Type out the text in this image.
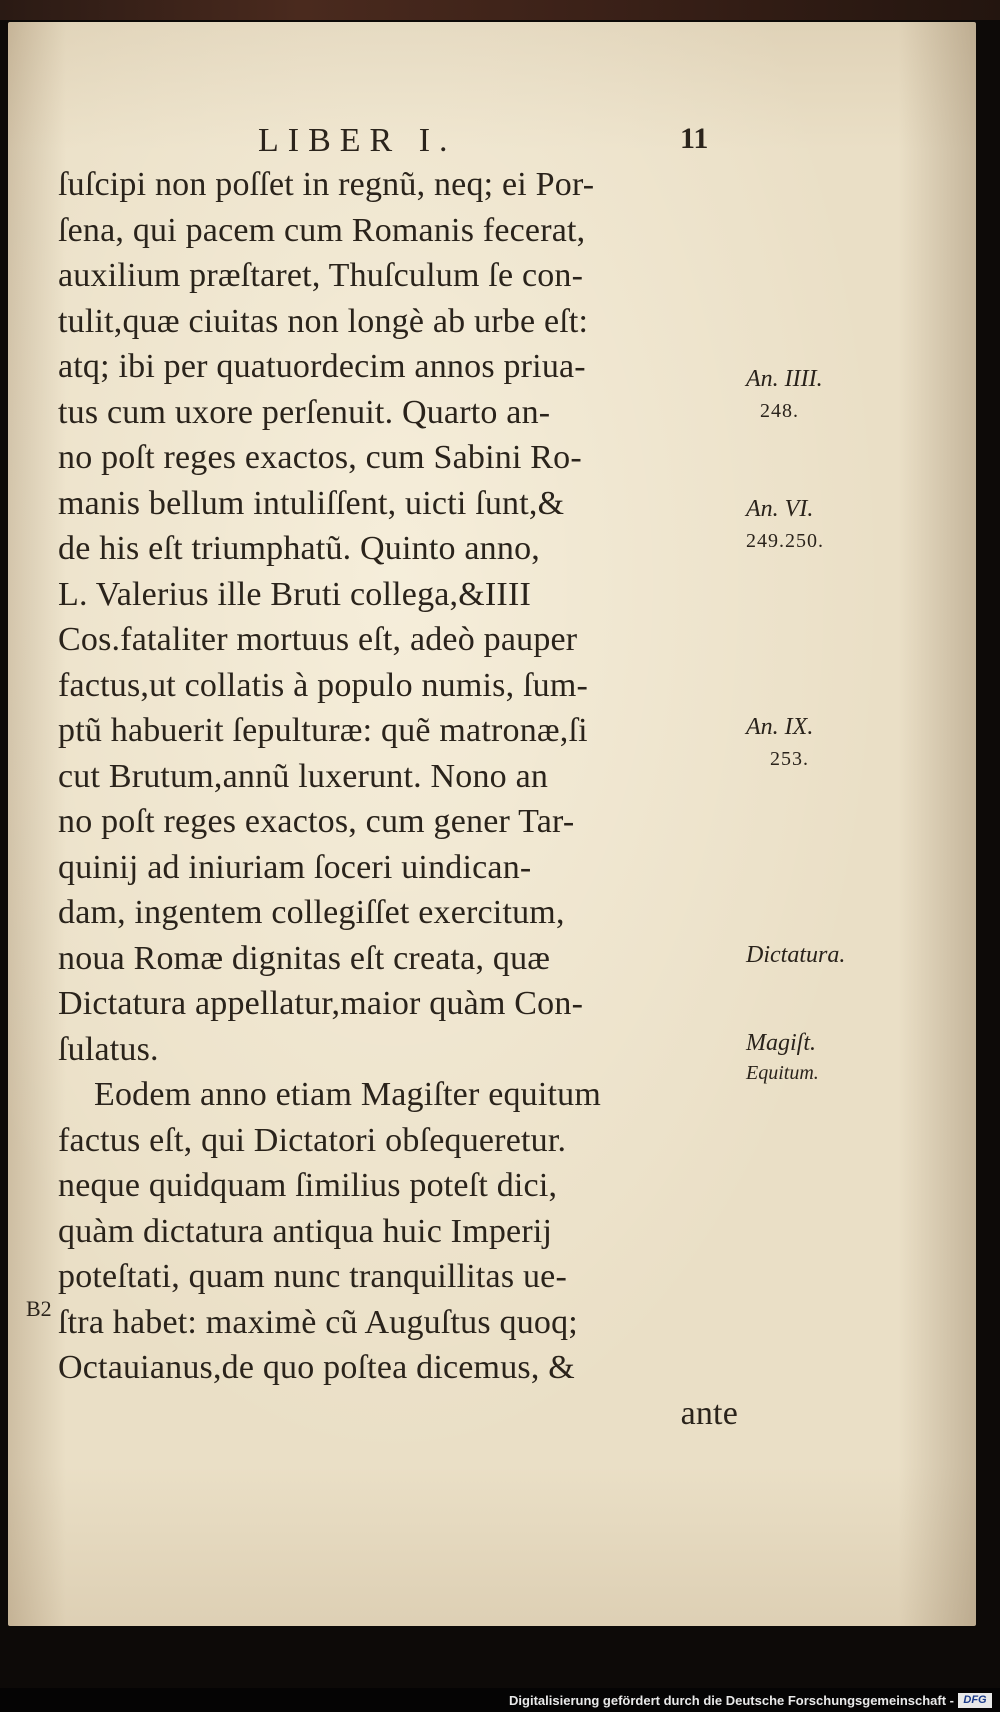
LIBER I.	11
ſuſcipi non poſſet in regnũ, neq; ei Por-
ſena, qui pacem cum Romanis fecerat,
auxilium præſtaret, Thuſculum ſe con-
tulit,quæ ciuitas non longè ab urbe eſt:
atq; ibi per quatuordecim annos priua-
tus cum uxore perſenuit. Quarto an-
no poſt reges exactos, cum Sabini Ro-
manis bellum intuliſſent, uicti ſunt,&
de his eſt triumphatũ. Quinto anno,
L. Valerius ille Bruti collega,&IIII
Cos.fataliter mortuus eſt, adeò pauper
factus,ut collatis à populo numis, ſum-
ptũ habuerit ſepulturæ: quẽ matronæ,ſi
cut Brutum,annũ luxerunt. Nono an
no poſt reges exactos, cum gener Tar-
quinij ad iniuriam ſoceri uindican-
dam, ingentem collegiſſet exercitum,
noua Romæ dignitas eſt creata, quæ
Dictatura appellatur,maior quàm Con-
ſulatus.
Eodem anno etiam Magiſter equitum
factus eſt, qui Dictatori obſequeretur.
neque quidquam ſimilius poteſt dici,
quàm dictatura antiqua huic Imperij
poteſtati, quam nunc tranquillitas ue-
ſtra habet: maximè cũ Auguſtus quoq;
Octauianus,de quo poſtea dicemus, &
ante
An. IIII.
248.
An. VI.
249.250.
An. IX.
253.
Dictatura.
Magiſt.
Equitum.
B2
Digitalisierung gefördert durch die Deutsche Forschungsgemeinschaft - DFG
